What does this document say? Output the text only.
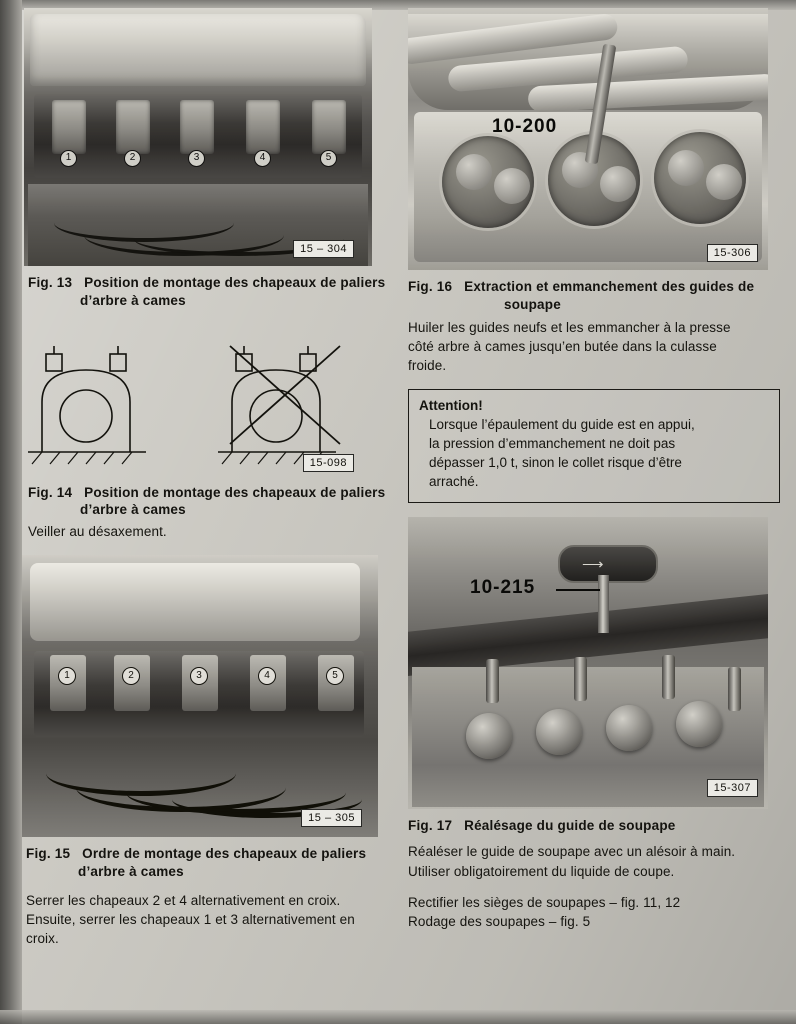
1	2	3	4	5
15 – 304
Fig. 13 Position de montage des chapeaux de paliers
d’arbre à cames
15-098
Fig. 14 Position de montage des chapeaux de paliers
d’arbre à cames
Veiller au désaxement.
1	2	3	4	5
15 – 305
Fig. 15 Ordre de montage des chapeaux de paliers
d’arbre à cames
Serrer les chapeaux 2 et 4 alternativement en croix.
Ensuite, serrer les chapeaux 1 et 3 alternativement en
croix.
10-200
15-306
Fig. 16 Extraction et emmanchement des guides de
soupape
Huiler les guides neufs et les emmancher à la presse
côté arbre à cames jusqu’en butée dans la culasse
froide.
Attention!
Lorsque l’épaulement du guide est en appui,
la pression d’emmanchement ne doit pas
dépasser 1,0 t, sinon le collet risque d’être
arraché.
⟶
10-215
15-307
Fig. 17 Réalésage du guide de soupape
Réaléser le guide de soupape avec un alésoir à main.
Utiliser obligatoirement du liquide de coupe.
Rectifier les sièges de soupapes – fig. 11, 12
Rodage des soupapes – fig. 5
